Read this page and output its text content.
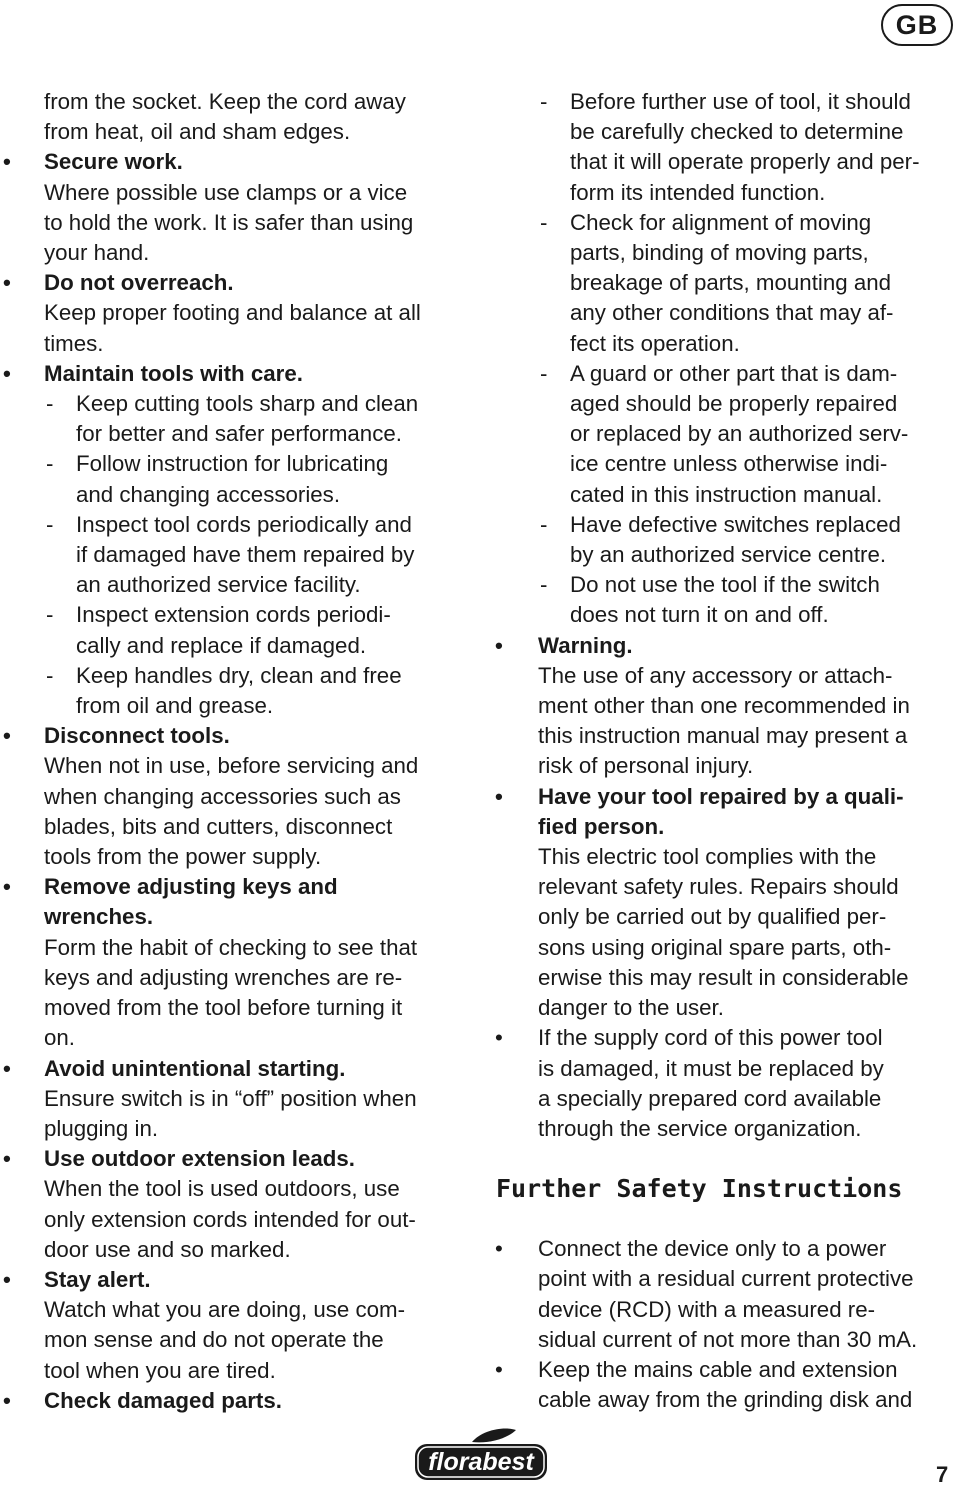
GB
from the socket. Keep the cord away
from heat, oil and sham edges.
• Secure work.
Where possible use clamps or a vice
to hold the work. It is safer than using
your hand.
• Do not overreach.
Keep proper footing and balance at all
times.
• Maintain tools with care.
- Keep cutting tools sharp and clean
for better and safer performance.
- Follow instruction for lubricating
and changing accessories.
- Inspect tool cords periodically and
if damaged have them repaired by
an authorized service facility.
- Inspect extension cords periodi-
cally and replace if damaged.
- Keep handles dry, clean and free
from oil and grease.
• Disconnect tools.
When not in use, before servicing and
when changing accessories such as
blades, bits and cutters, disconnect
tools from the power supply.
• Remove adjusting keys and
wrenches.
Form the habit of checking to see that
keys and adjusting wrenches are re-
moved from the tool before turning it
on.
• Avoid unintentional starting.
Ensure switch is in “off” position when
plugging in.
• Use outdoor extension leads.
When the tool is used outdoors, use
only extension cords intended for out-
door use and so marked.
• Stay alert.
Watch what you are doing, use com-
mon sense and do not operate the
tool when you are tired.
• Check damaged parts.
- Before further use of tool, it should
be carefully checked to determine
that it will operate properly and per-
form its intended function.
- Check for alignment of moving
parts, binding of moving parts,
breakage of parts, mounting and
any other conditions that may af-
fect its operation.
- A guard or other part that is dam-
aged should be properly repaired
or replaced by an authorized serv-
ice centre unless otherwise indi-
cated in this instruction manual.
- Have defective switches replaced
by an authorized service centre.
- Do not use the tool if the switch
does not turn it on and off.
• Warning.
The use of any accessory or attach-
ment other than one recommended in
this instruction manual may present a
risk of personal injury.
• Have your tool repaired by a quali-
fied person.
This electric tool complies with the
relevant safety rules. Repairs should
only be carried out by qualified per-
sons using original spare parts, oth-
erwise this may result in considerable
danger to the user.
• If the supply cord of this power tool
is damaged, it must be replaced by
a specially prepared cord available
through the service organization.
Further Safety Instructions
• Connect the device only to a power
point with a residual current protective
device (RCD) with a measured re-
sidual current of not more than 30 mA.
• Keep the mains cable and extension
cable away from the grinding disk and
florabest	7
